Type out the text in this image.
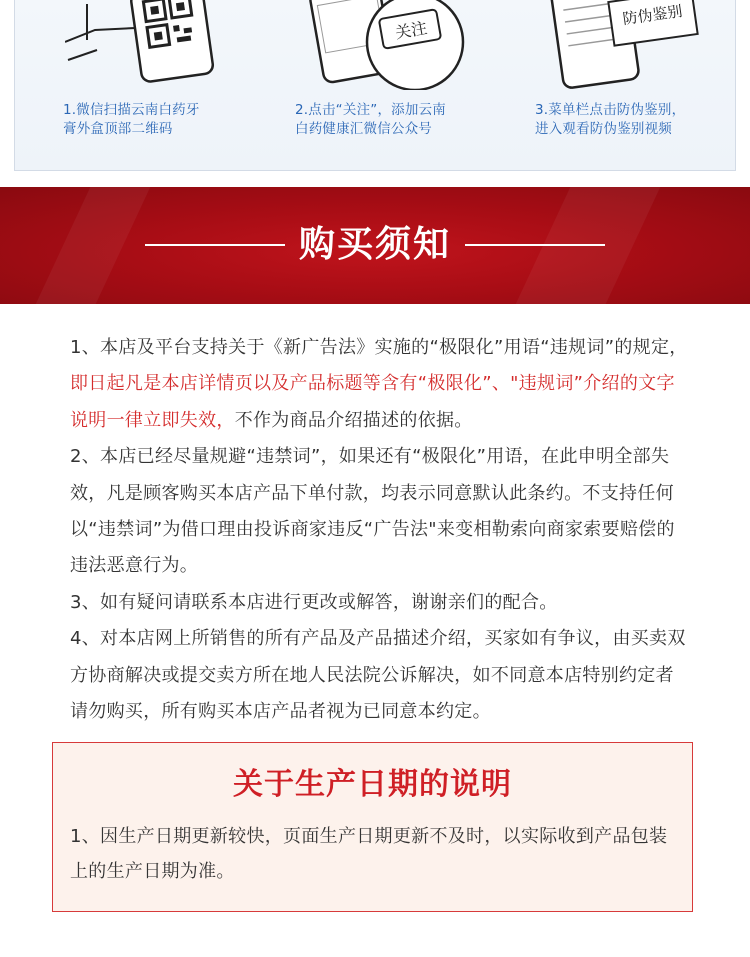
关注
防伪鉴别
1.微信扫描云南白药牙
膏外盒顶部二维码
2.点击“关注”，添加云南
白药健康汇微信公众号
3.菜单栏点击防伪鉴别，
进入观看防伪鉴别视频
购买须知

1、本店及平台支持关于《新广告法》实施的“极限化”用语“违规词”的规定，即日起凡是本店详情页以及产品标题等含有“极限化”、"违规词”介绍的文字说明一律立即失效，不作为商品介绍描述的依据。

2、本店已经尽量规避“违禁词”，如果还有“极限化”用语，在此申明全部失效，凡是顾客购买本店产品下单付款，均表示同意默认此条约。不支持任何以“违禁词”为借口理由投诉商家违反“广告法"来变相勒索向商家索要赔偿的违法恶意行为。

3、如有疑问请联系本店进行更改或解答，谢谢亲们的配合。

4、对本店网上所销售的所有产品及产品描述介绍，买家如有争议，由买卖双方协商解决或提交卖方所在地人民法院公诉解决，如不同意本店特别约定者请勿购买，所有购买本店产品者视为已同意本约定。

关于生产日期的说明
1、因生产日期更新较快，页面生产日期更新不及时，以实际收到产品包装上的生产日期为准。
